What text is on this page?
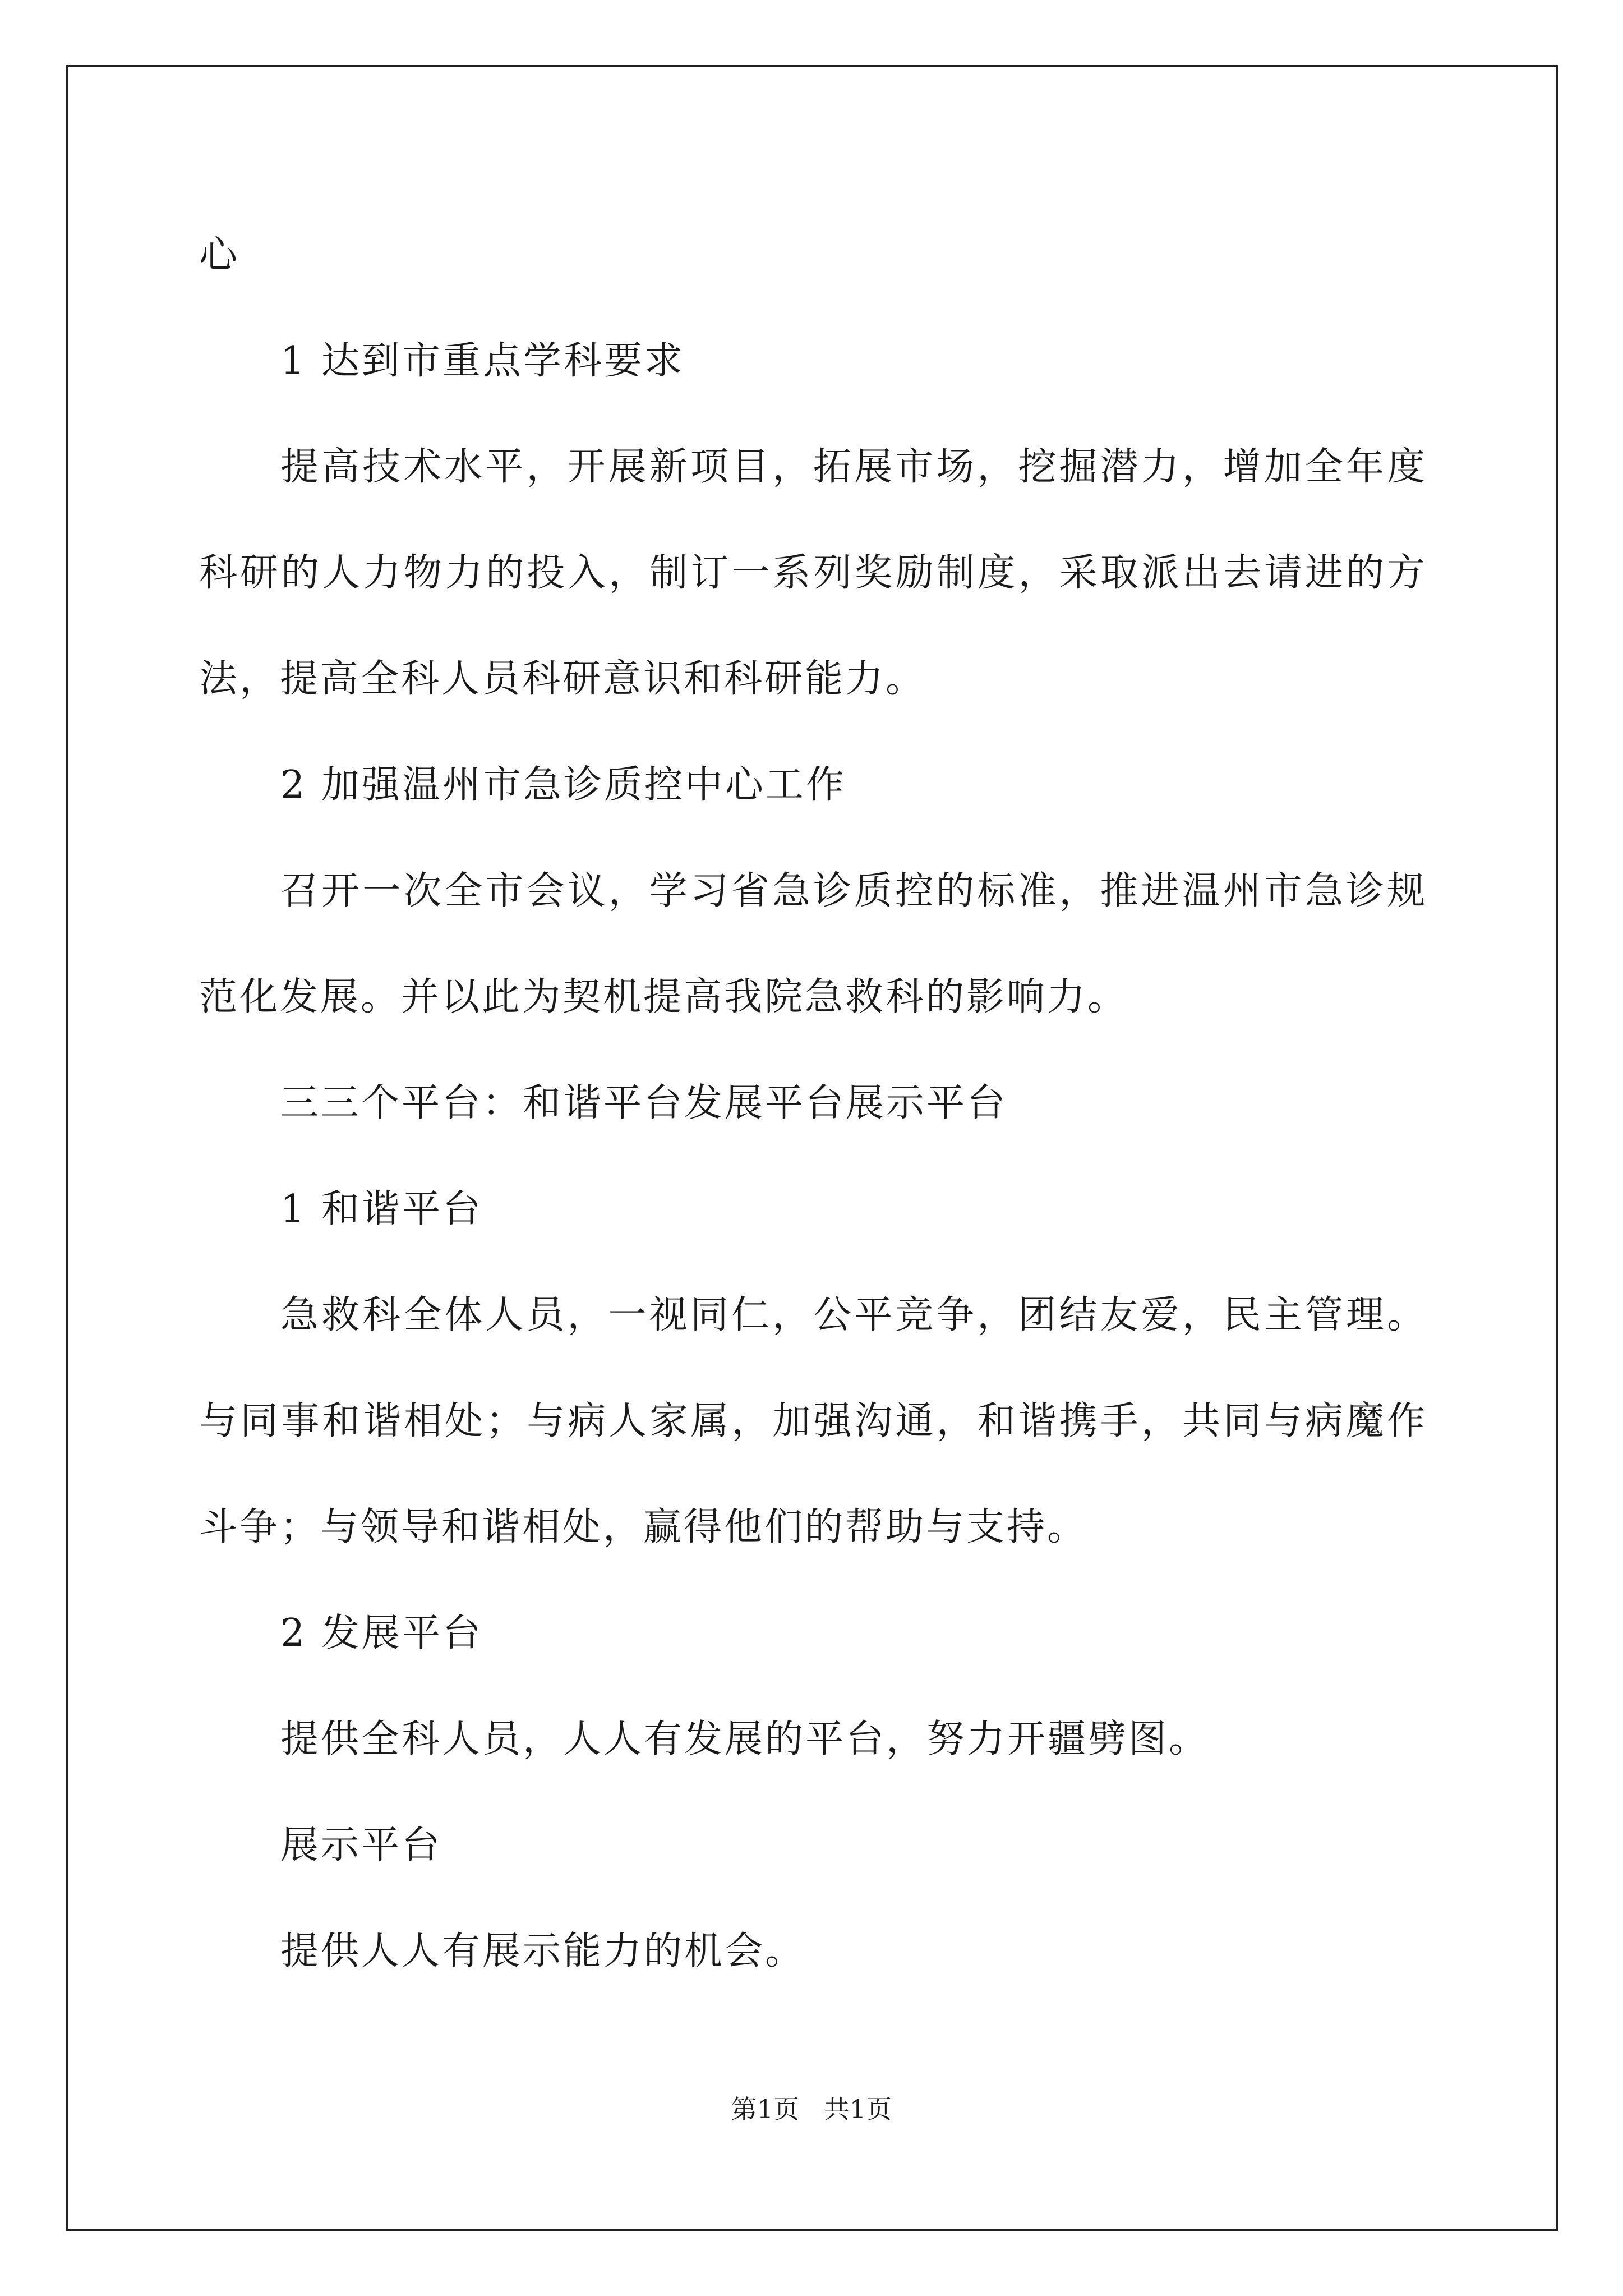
心

1 达到市重点学科要求

提高技术水平，开展新项目，拓展市场，挖掘潜力，增加全年度科研的人力物力的投入，制订一系列奖励制度，采取派出去请进的方法，提高全科人员科研意识和科研能力。

2 加强温州市急诊质控中心工作

召开一次全市会议，学习省急诊质控的标准，推进温州市急诊规范化发展。并以此为契机提高我院急救科的影响力。

三三个平台：和谐平台发展平台展示平台

1 和谐平台

急救科全体人员，一视同仁，公平竞争，团结友爱，民主管理。与同事和谐相处；与病人家属，加强沟通，和谐携手，共同与病魔作斗争；与领导和谐相处，赢得他们的帮助与支持。

2 发展平台

提供全科人员，人人有发展的平台，努力开疆劈图。

展示平台

提供人人有展示能力的机会。

第1页   共1页
